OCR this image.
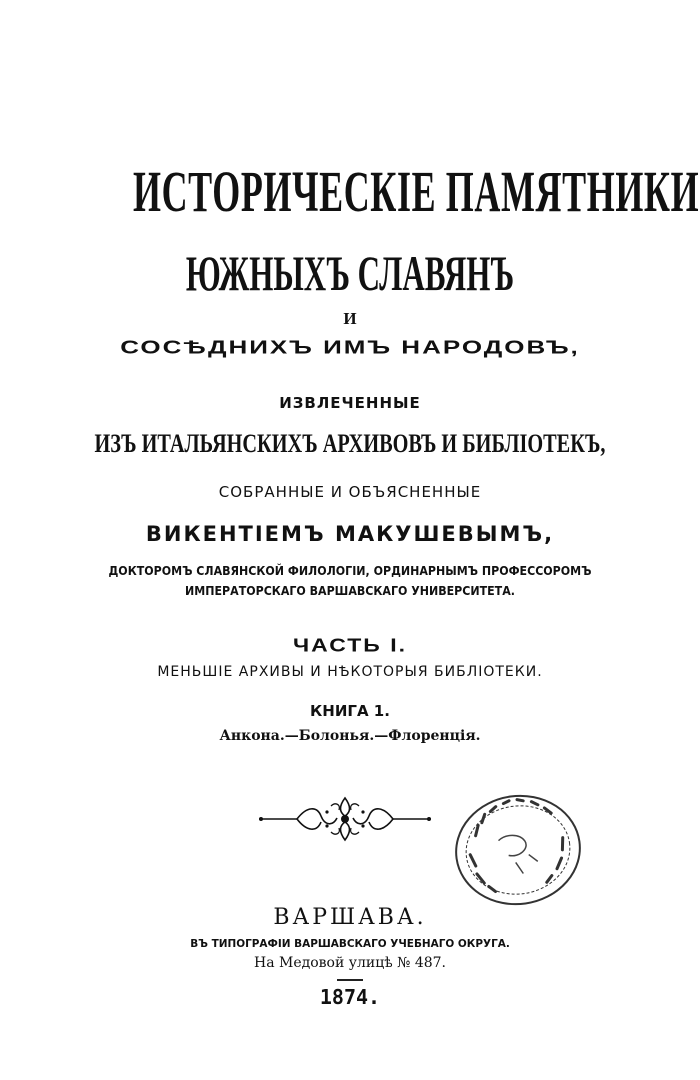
ИСТОРИЧЕСКІЕ ПАМЯТНИКИ
ЮЖНЫХЪ СЛАВЯНЪ
И
СОСѢДНИХЪ ИМЪ НАРОДОВЪ,
ИЗВЛЕЧЕННЫЕ
ИЗЪ ИТАЛЬЯНСКИХЪ АРХИВОВЪ И БИБЛІОТЕКЪ,
СОБРАННЫЕ И ОБЪЯСНЕННЫЕ
ВИКЕНТІЕМЪ МАКУШЕВЫМЪ,
ДОКТОРОМЪ СЛАВЯНСКОЙ ФИЛОЛОГІИ, ОРДИНАРНЫМЪ ПРОФЕССОРОМЪ
ИМПЕРАТОРСКАГО ВАРШАВСКАГО УНИВЕРСИТЕТА.
ЧАСТЬ I.
МЕНЬШІЕ АРХИВЫ И НѢКОТОРЫЯ БИБЛІОТЕКИ.
КНИГА 1.
Анкона.—Болонья.—Флоренція.
ВАРШАВА.
ВЪ ТИПОГРАФІИ ВАРШАВСКАГО УЧЕБНАГО ОКРУГА.
На Медовой улицѣ № 487.
1874.
